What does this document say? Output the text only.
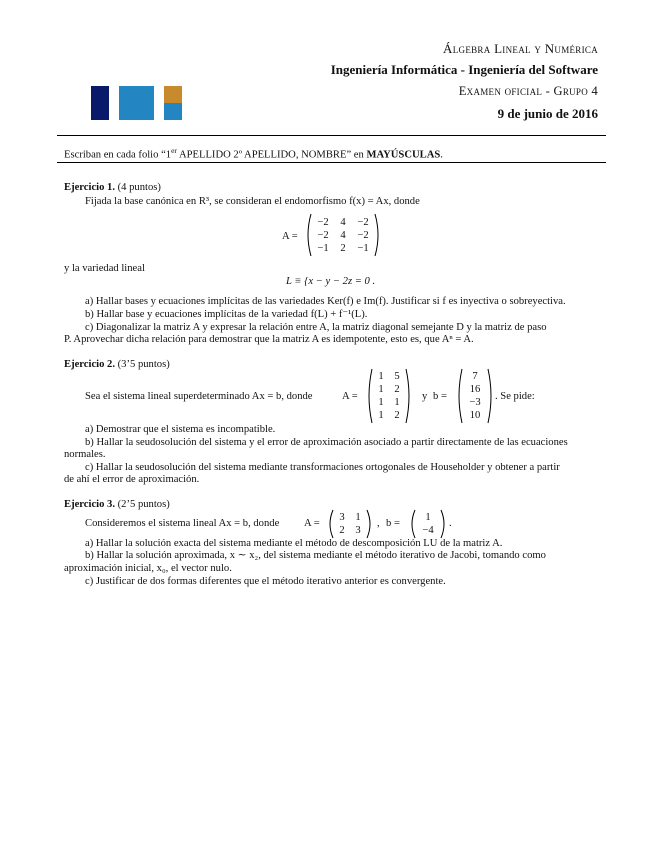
Álgebra Lineal y Numérica
Ingeniería Informática - Ingeniería del Software
Examen oficial - Grupo 4
9 de junio de 2016
Escriban en cada folio “1er APELLIDO 2º APELLIDO, NOMBRE” en MAYÚSCULAS.
Ejercicio 1. (4 puntos)
Fijada la base canónica en R³, se consideran el endomorfismo f(x) = Ax, donde
A =
−2	4	−2
−2	4	−2
−1	2	−1
y la variedad lineal
L ≡ {x − y − 2z = 0 .
a) Hallar bases y ecuaciones implícitas de las variedades Ker(f) e Im(f). Justificar si f es inyectiva o sobreyectiva.
b) Hallar base y ecuaciones implícitas de la variedad f(L) + f⁻¹(L).
c) Diagonalizar la matriz A y expresar la relación entre A, la matriz diagonal semejante D y la matriz de paso
P. Aprovechar dicha relación para demostrar que la matriz A es idempotente, esto es, que Aⁿ = A.
Ejercicio 2. (3’5 puntos)
Sea el sistema lineal superdeterminado Ax = b, donde	A =
1	5
1	2
1	1
1	2
y b =
7
16
−3
10
. Se pide:
a) Demostrar que el sistema es incompatible.
b) Hallar la seudosolución del sistema y el error de aproximación asociado a partir directamente de las ecuaciones
normales.
c) Hallar la seudosolución del sistema mediante transformaciones ortogonales de Householder y obtener a partir
de ahí el error de aproximación.
Ejercicio 3. (2’5 puntos)
Consideremos el sistema lineal Ax = b, donde A =
3	1
2	3
, b =
1
−4
.
a) Hallar la solución exacta del sistema mediante el método de descomposición LU de la matriz A.
b) Hallar la solución aproximada, x ∼ x₂, del sistema mediante el método iterativo de Jacobi, tomando como
aproximación inicial, x₀, el vector nulo.
c) Justificar de dos formas diferentes que el método iterativo anterior es convergente.
